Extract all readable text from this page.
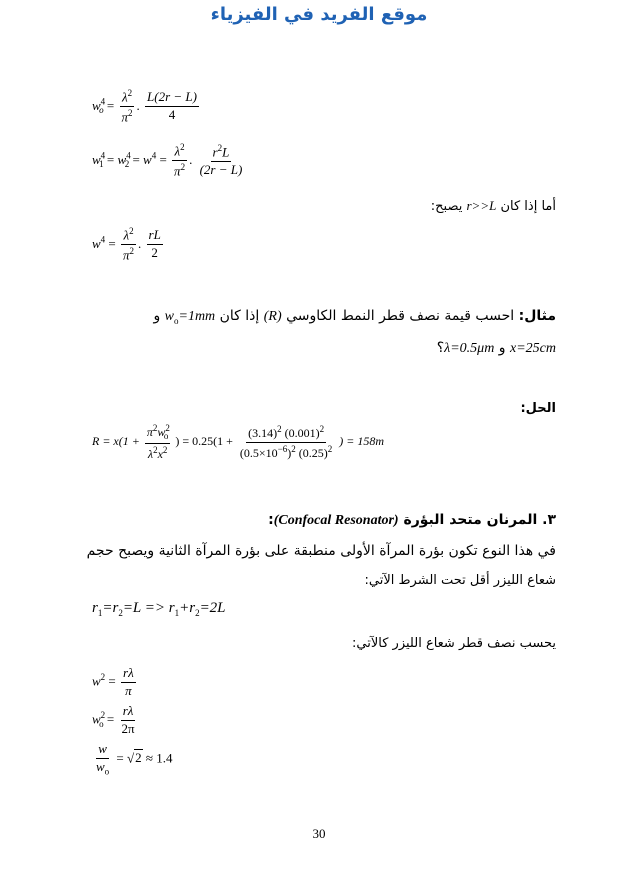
موقع الفريد في الفيزياء
$w^4_o = \frac{\lambda^2}{\pi^2}$ . $\frac{L(2r - L)}{4}$
$w^4_1 = w^4_2 = w^4 = \frac{\lambda^2}{\pi^2}$ . $\frac{r^2L}{(2r - L)}$
أما إذا كان r>>L يصبح:
$w^4 = \frac{\lambda^2}{\pi^2}$ . $\frac{rL}{2}$
مثال: احسب قيمة نصف قطر النمط الكاوسي (R) إذا كان $w_o=1mm$ و
x=25cm و λ=0.5μm؟
الحل:
$R = x(1 + \frac{\pi^2w^2_o}{\lambda^2x^2}$ ) = $0.25(1 + \frac{(3.14)^2 (0.001)^2}{(0.5\times 10^{-6})^2 (0.25)^2}$ ) = 158m
٣. المرنان متحد البؤرة (Confocal Resonator):
في هذا النوع تكون بؤرة المرآة الأولى منطبقة على بؤرة المرآة الثانية ويصبح حجم
شعاع الليزر أقل تحت الشرط الآتي:
$r_1=r_2=L => r_1+r_2=2L$
يحسب نصف قطر شعاع الليزر كالآتي:
$w^2 = \frac{r\lambda}{\pi}$
$w^2_o = \frac{r\lambda}{2\pi}$
$\frac{w}{w_o} = √2 \approx 1.4$
30
